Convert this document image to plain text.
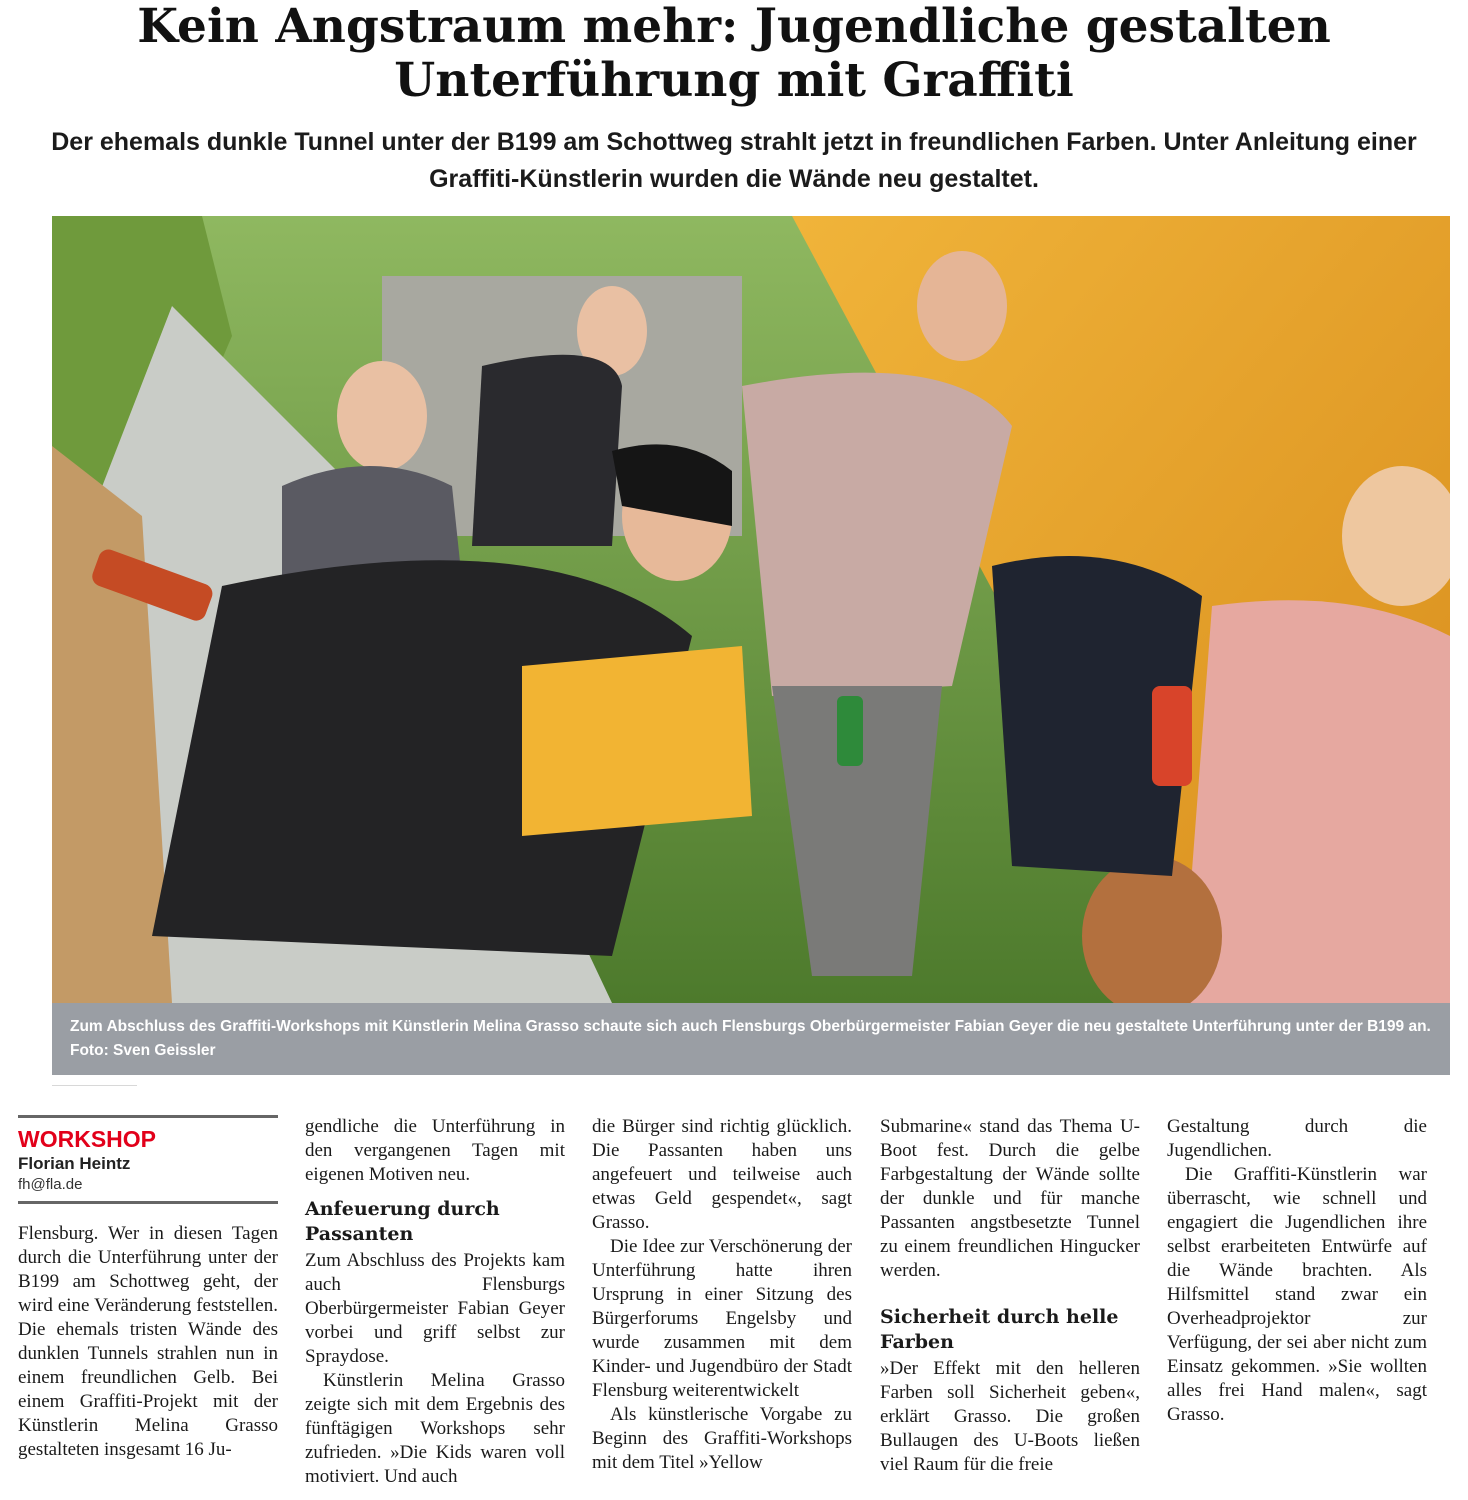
Kein Angstraum mehr: Jugendliche gestalten
Unterführung mit Graffiti
Der ehemals dunkle Tunnel unter der B199 am Schottweg strahlt jetzt in freundlichen Farben. Unter Anleitung einer Graffiti-Künstlerin wurden die Wände neu gestaltet.
Zum Abschluss des Graffiti-Workshops mit Künstlerin Melina Grasso schaute sich auch Flensburgs Oberbürgermeister Fabian Geyer die neu gestaltete Unterführung unter der B199 an. Foto: Sven Geissler
WORKSHOP
Florian Heintz
fh@fla.de

Flensburg. Wer in diesen Tagen durch die Unterführung unter der B199 am Schottweg geht, der wird eine Veränderung feststellen. Die ehemals tristen Wände des dunklen Tunnels strahlen nun in einem freundlichen Gelb. Bei einem Graffiti-Projekt mit der Künstlerin Melina Grasso gestalteten insgesamt 16 Ju-

gendliche die Unterführung in den vergangenen Tagen mit eigenen Motiven neu.

Anfeuerung durch Passanten

Zum Abschluss des Projekts kam auch Flensburgs Oberbürgermeister Fabian Geyer vorbei und griff selbst zur Spraydose.

Künstlerin Melina Grasso zeigte sich mit dem Ergebnis des fünftägigen Workshops sehr zufrieden. »Die Kids waren voll motiviert. Und auch

die Bürger sind richtig glücklich. Die Passanten haben uns angefeuert und teilweise auch etwas Geld gespendet«, sagt Grasso.

Die Idee zur Verschönerung der Unterführung hatte ihren Ursprung in einer Sitzung des Bürgerforums Engelsby und wurde zusammen mit dem Kinder- und Jugendbüro der Stadt Flensburg weiterentwickelt

Als künstlerische Vorgabe zu Beginn des Graffiti-Workshops mit dem Titel »Yellow

Submarine« stand das Thema U-Boot fest. Durch die gelbe Farbgestaltung der Wände sollte der dunkle und für manche Passanten angstbesetzte Tunnel zu einem freundlichen Hingucker werden.

Sicherheit durch helle Farben

»Der Effekt mit den helleren Farben soll Sicherheit geben«, erklärt Grasso. Die großen Bullaugen des U-Boots ließen viel Raum für die freie

Gestaltung durch die Jugendlichen.

Die Graffiti-Künstlerin war überrascht, wie schnell und engagiert die Jugendlichen ihre selbst erarbeiteten Entwürfe auf die Wände brachten. Als Hilfsmittel stand zwar ein Overheadprojektor zur Verfügung, der sei aber nicht zum Einsatz gekommen. »Sie wollten alles frei Hand malen«, sagt Grasso.
